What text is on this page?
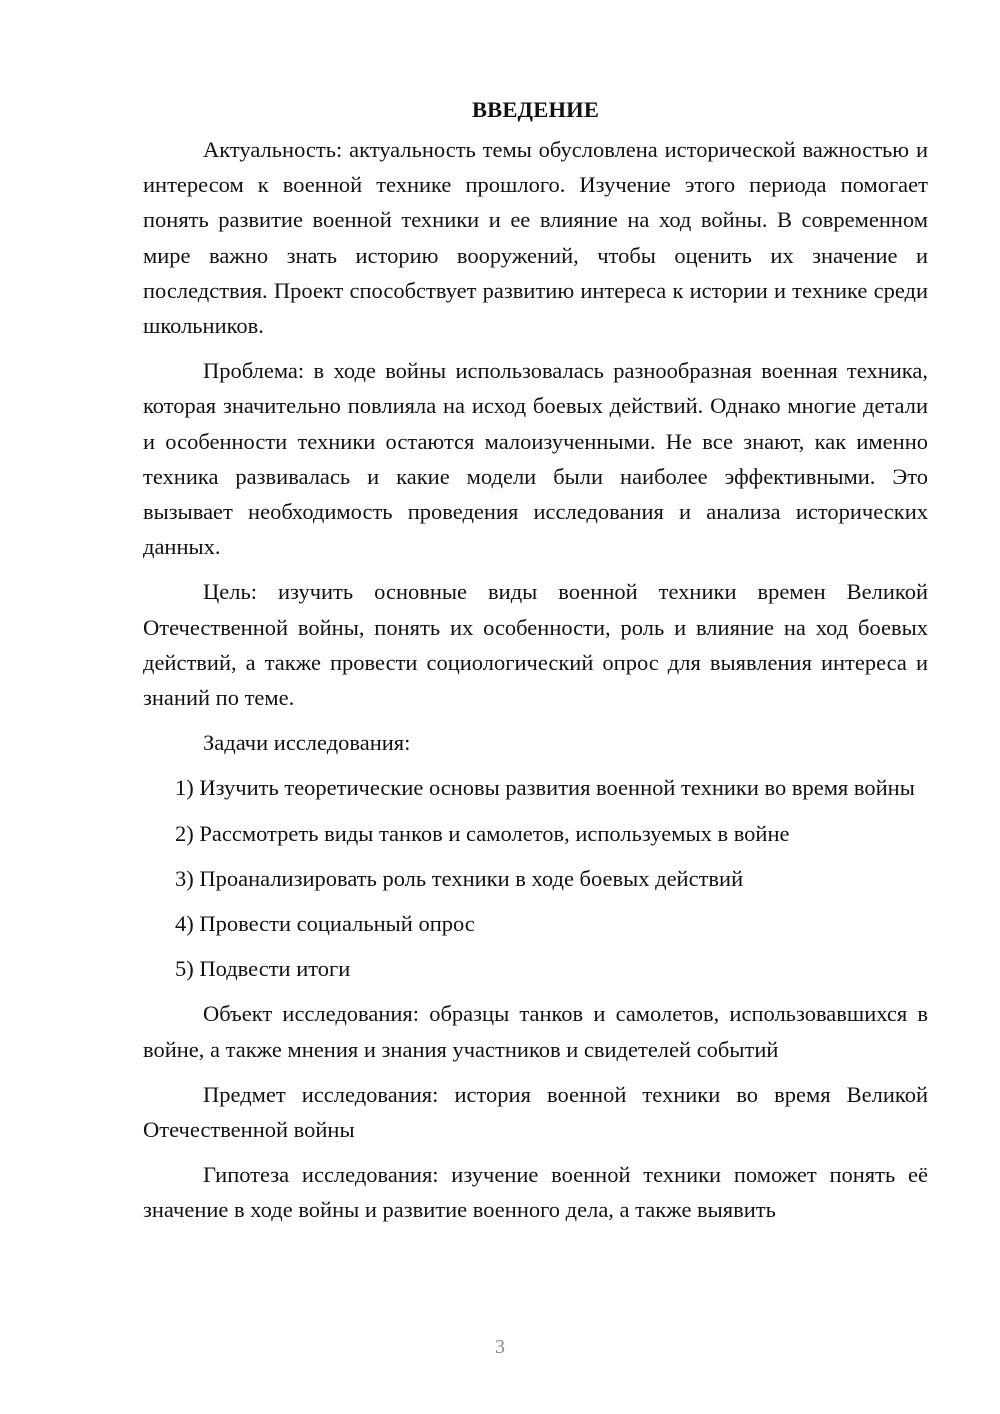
ВВЕДЕНИЕ

Актуальность: актуальность темы обусловлена исторической важностью и интересом к военной технике прошлого. Изучение этого периода помогает понять развитие военной техники и ее влияние на ход войны. В современном мире важно знать историю вооружений, чтобы оценить их значение и последствия. Проект способствует развитию интереса к истории и технике среди школьников.

Проблема: в ходе войны использовалась разнообразная военная техника, которая значительно повлияла на исход боевых действий. Однако многие детали и особенности техники остаются малоизученными. Не все знают, как именно техника развивалась и какие модели были наиболее эффективными. Это вызывает необходимость проведения исследования и анализа исторических данных.

Цель: изучить основные виды военной техники времен Великой Отечественной войны, понять их особенности, роль и влияние на ход боевых действий, а также провести социологический опрос для выявления интереса и знаний по теме.

Задачи исследования:

1) Изучить теоретические основы развития военной техники во время войны

2) Рассмотреть виды танков и самолетов, используемых в войне

3) Проанализировать роль техники в ходе боевых действий

4) Провести социальный опрос

5) Подвести итоги

Объект исследования: образцы танков и самолетов, использовавшихся в войне, а также мнения и знания участников и свидетелей событий

Предмет исследования: история военной техники во время Великой Отечественной войны

Гипотеза исследования: изучение военной техники поможет понять её значение в ходе войны и развитие военного дела, а также выявить

3
